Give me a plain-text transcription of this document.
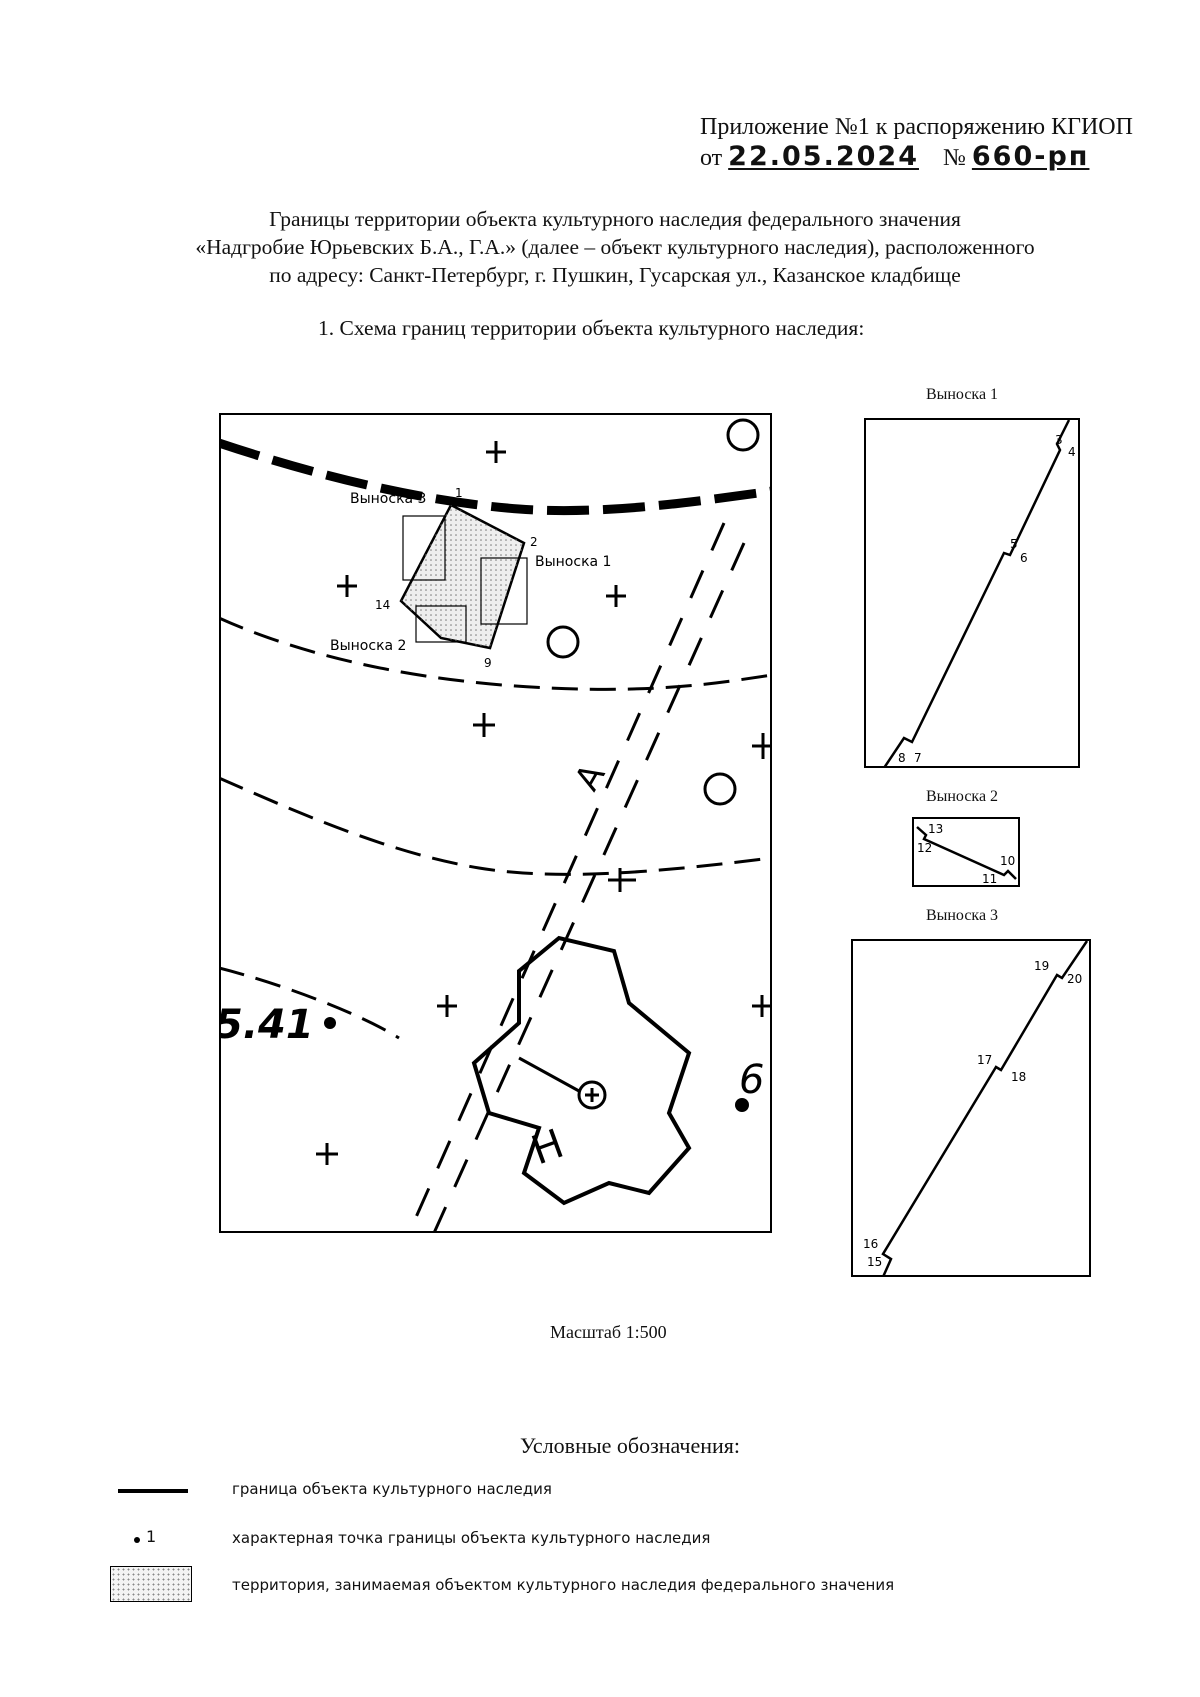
Приложение №1 к распоряжению КГИОП
от 22.05.2024 № 660-рп
Границы территории объекта культурного наследия федерального значения
«Надгробие Юрьевских Б.А., Г.А.» (далее – объект культурного наследия), расположенного
по адресу: Санкт-Петербург, г. Пушкин, Гусарская ул., Казанское кладбище
1. Схема границ территории объекта культурного наследия:
1
2
9
14
Выноска 3
Выноска 1
Выноска 2
5.41
6
А
Н
Выноска 1
3
4
5
6
7
8
Выноска 2
13
12
10
11
Выноска 3
19
20
17
18
16
15
Масштаб 1:500
Условные обозначения:
граница объекта культурного наследия
1	характерная точка границы объекта культурного наследия
территория, занимаемая объектом культурного наследия федерального значения
